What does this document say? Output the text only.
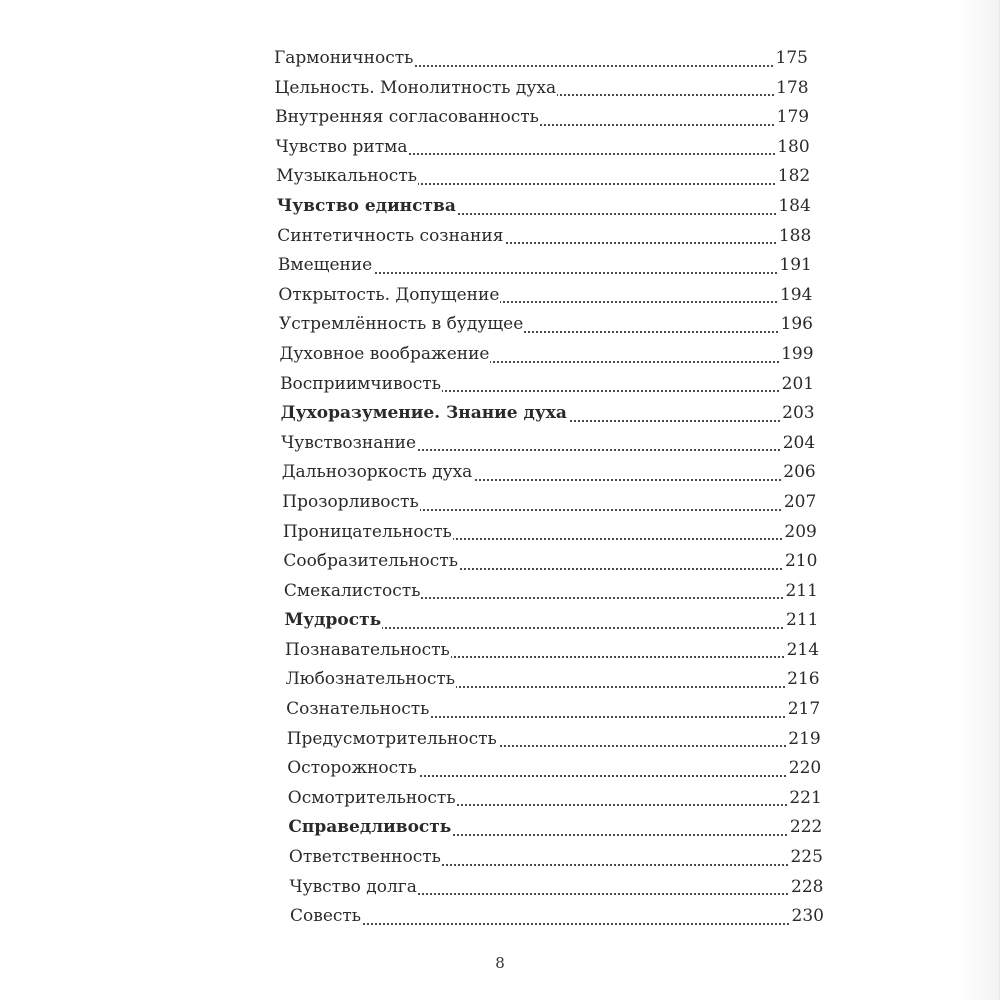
Гармоничность	175
Цельность. Монолитность духа	178
Внутренняя согласованность	179
Чувство ритма	180
Музыкальность	182
Чувство единства	184
Синтетичность сознания	188
Вмещение	191
Открытость. Допущение	194
Устремлённость в будущее	196
Духовное воображение	199
Восприимчивость	201
Духоразумение. Знание духа	203
Чувствознание	204
Дальнозоркость духа	206
Прозорливость	207
Проницательность	209
Сообразительность	210
Смекалистость	211
Мудрость	211
Познавательность	214
Любознательность	216
Сознательность	217
Предусмотрительность	219
Осторожность	220
Осмотрительность	221
Справедливость	222
Ответственность	225
Чувство долга	228
Совесть	230
8
